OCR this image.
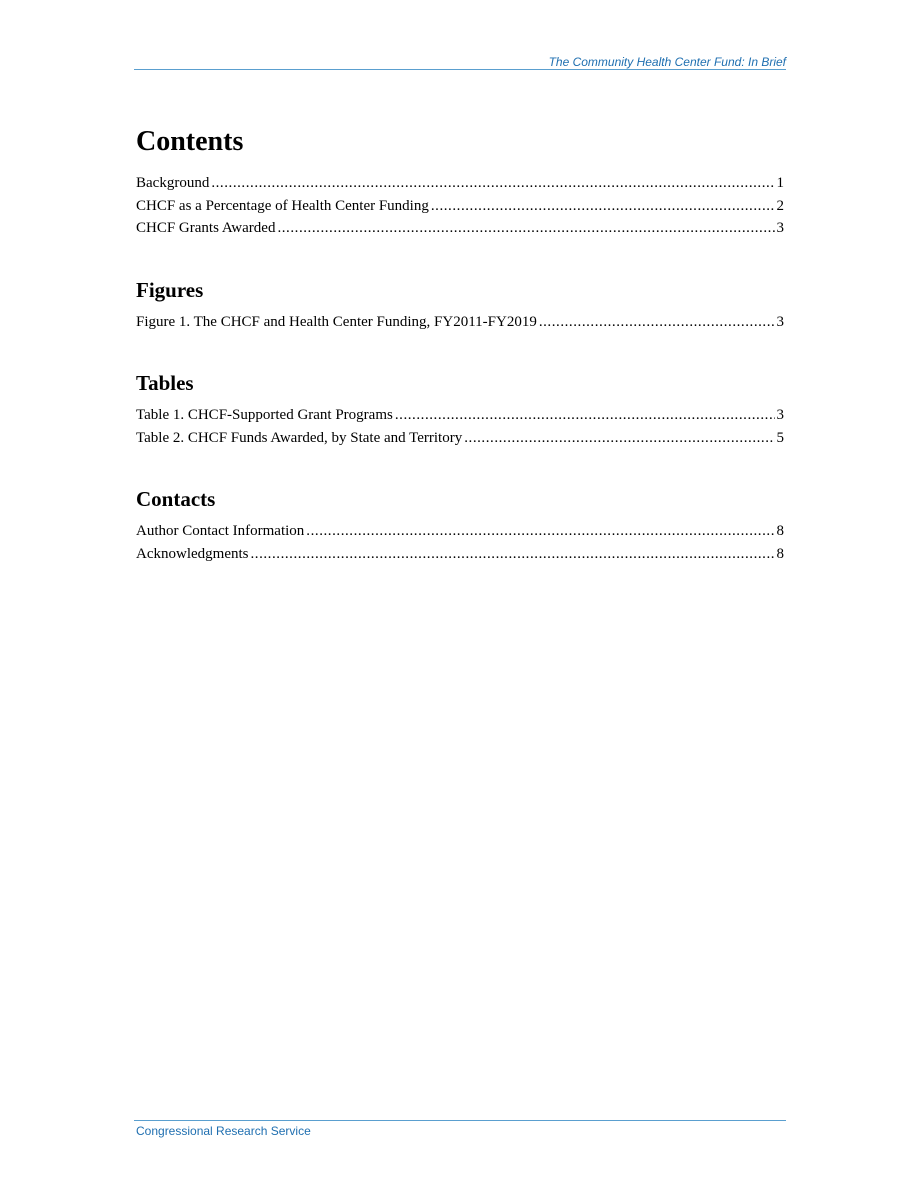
The Community Health Center Fund: In Brief
Contents
Background . . .	1
CHCF as a Percentage of Health Center Funding . . .	2
CHCF Grants Awarded . . .	3
Figures
Figure 1. The CHCF and Health Center Funding, FY2011-FY2019 . . .	3
Tables
Table 1. CHCF-Supported Grant Programs . . .	3
Table 2. CHCF Funds Awarded, by State and Territory . . .	5
Contacts
Author Contact Information . . .	8
Acknowledgments . . .	8
Congressional Research Service
